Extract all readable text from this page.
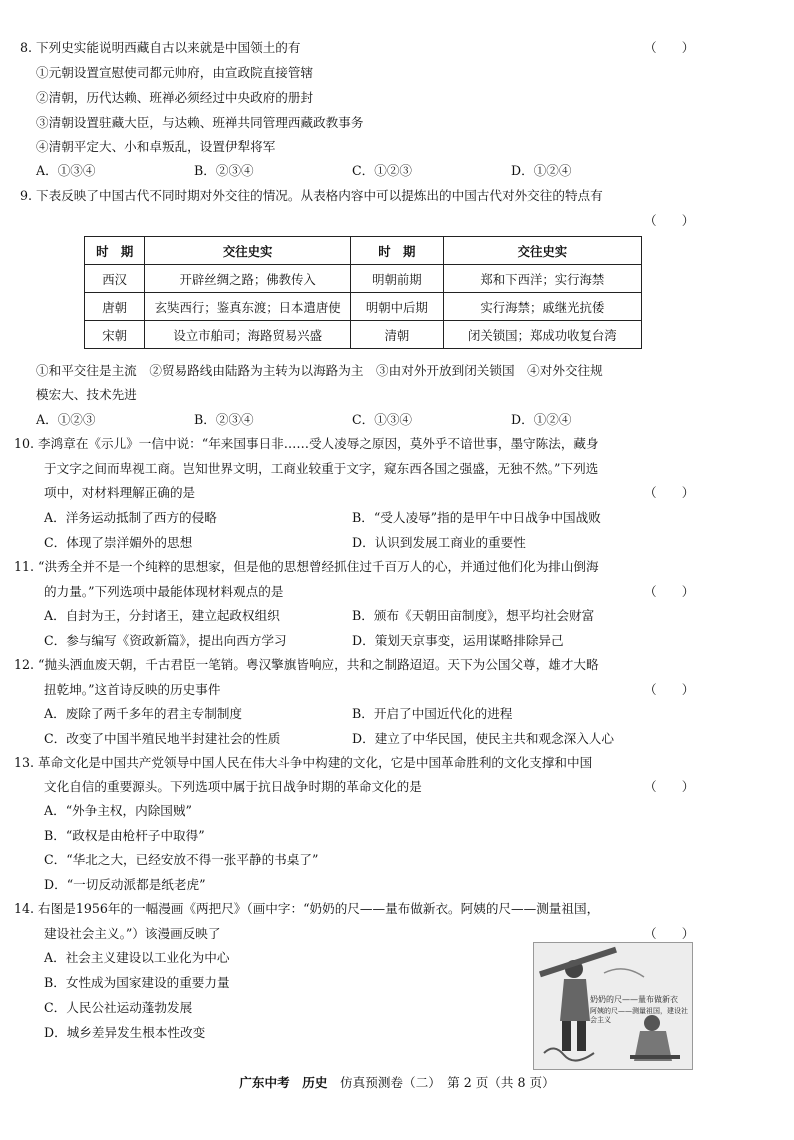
8. 下列史实能说明西藏自古以来就是中国领土的有	（　　）
①元朝设置宣慰使司都元帅府，由宣政院直接管辖
②清朝，历代达赖、班禅必须经过中央政府的册封
③清朝设置驻藏大臣，与达赖、班禅共同管理西藏政教事务
④清朝平定大、小和卓叛乱，设置伊犁将军
A．①③④	B．②③④	C．①②③	D．①②④
9. 下表反映了中国古代不同时期对外交往的情况。从表格内容中可以提炼出的中国古代对外交往的特点有
（　　）
时　期	交往史实	时　期	交往史实
西汉	开辟丝绸之路；佛教传入	明朝前期	郑和下西洋；实行海禁
唐朝	玄奘西行；鉴真东渡；日本遣唐使	明朝中后期	实行海禁；戚继光抗倭
宋朝	设立市舶司；海路贸易兴盛	清朝	闭关锁国；郑成功收复台湾
①和平交往是主流　②贸易路线由陆路为主转为以海路为主　③由对外开放到闭关锁国　④对外交往规
模宏大、技术先进
A．①②③	B．②③④	C．①③④	D．①②④
10. 李鸿章在《示儿》一信中说：“年来国事日非……受人凌辱之原因，莫外乎不谙世事，墨守陈法，藏身
于文字之间而卑视工商。岂知世界文明，工商业较重于文字，窥东西各国之强盛，无独不然。”下列选
项中，对材料理解正确的是	（　　）
A．洋务运动抵制了西方的侵略	B．“受人凌辱”指的是甲午中日战争中国战败
C．体现了崇洋媚外的思想	D．认识到发展工商业的重要性
11. “洪秀全并不是一个纯粹的思想家，但是他的思想曾经抓住过千百万人的心，并通过他们化为排山倒海
的力量。”下列选项中最能体现材料观点的是	（　　）
A．自封为王，分封诸王，建立起政权组织	B．颁布《天朝田亩制度》，想平均社会财富
C．参与编写《资政新篇》，提出向西方学习	D．策划天京事变，运用谋略排除异己
12. “抛头洒血废天朝，千古君臣一笔销。粤汉擎旗皆响应，共和之制路迢迢。天下为公国父尊，雄才大略
扭乾坤。”这首诗反映的历史事件	（　　）
A．废除了两千多年的君主专制制度	B．开启了中国近代化的进程
C．改变了中国半殖民地半封建社会的性质	D．建立了中华民国，使民主共和观念深入人心
13. 革命文化是中国共产党领导中国人民在伟大斗争中构建的文化，它是中国革命胜利的文化支撑和中国
文化自信的重要源头。下列选项中属于抗日战争时期的革命文化的是	（　　）
A．“外争主权，内除国贼”
B．“政权是由枪杆子中取得”
C．“华北之大，已经安放不得一张平静的书桌了”
D．“一切反动派都是纸老虎”
14. 右图是1956年的一幅漫画《两把尺》（画中字：“奶奶的尺——量布做新衣。阿姨的尺——测量祖国，
建设社会主义。”）该漫画反映了	（　　）
A．社会主义建设以工业化为中心
B．女性成为国家建设的重要力量
C．人民公社运动蓬勃发展
D．城乡差异发生根本性改变
奶奶的尺——量布做新衣
阿姨的尺——测量祖国，建设社会主义
广东中考　 历史　 仿真预测卷（二）　 第 2 页（共 8 页）
